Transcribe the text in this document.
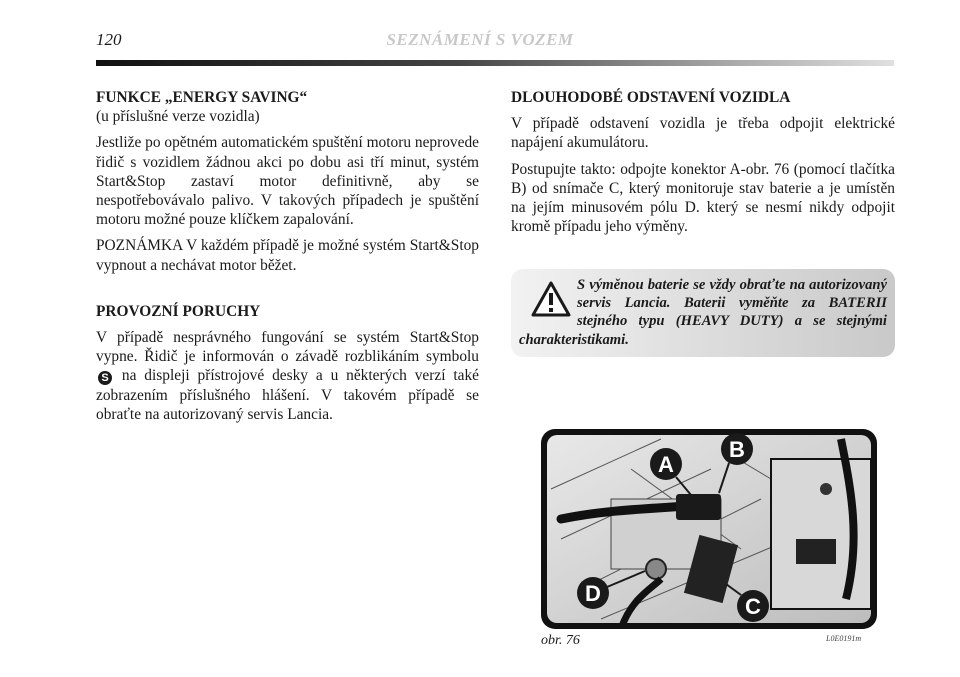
120	SEZNÁMENÍ S VOZEM
FUNKCE „ENERGY SAVING“
(u příslušné verze vozidla)

Jestliže po opětném automatickém spuštění motoru neprovede řidič s vozidlem žádnou akci po dobu asi tří minut, systém Start&Stop zastaví motor definitivně, aby se nespotřebovávalo palivo. V takových případech je spuštění motoru možné pouze klíčkem zapalování.

POZNÁMKA V každém případě je možné systém Start&Stop vypnout a nechávat motor běžet.

PROVOZNÍ PORUCHY

V případě nesprávného fungování se systém Start&Stop vypne. Řidič je informován o závadě rozblikáním symbolu S na displeji přístrojové desky a u některých verzí také zobrazením příslušného hlášení. V takovém případě se obraťte na autorizovaný servis Lancia.

DLOUHODOBÉ ODSTAVENÍ VOZIDLA

V případě odstavení vozidla je třeba odpojit elektrické napájení akumulátoru.

Postupujte takto: odpojte konektor A-obr. 76 (pomocí tlačítka B) od snímače C, který monitoruje stav baterie a je umístěn na jejím minusovém pólu D. který se nesmí nikdy odpojit kromě případu jeho výměny.

S výměnou baterie se vždy obraťte na autorizovaný servis Lancia. Baterii vyměňte za BATERII stejného typu (HEAVY DUTY) a se stejnými charakteristikami.
A
B
C
D
obr. 76	L0E0191m
